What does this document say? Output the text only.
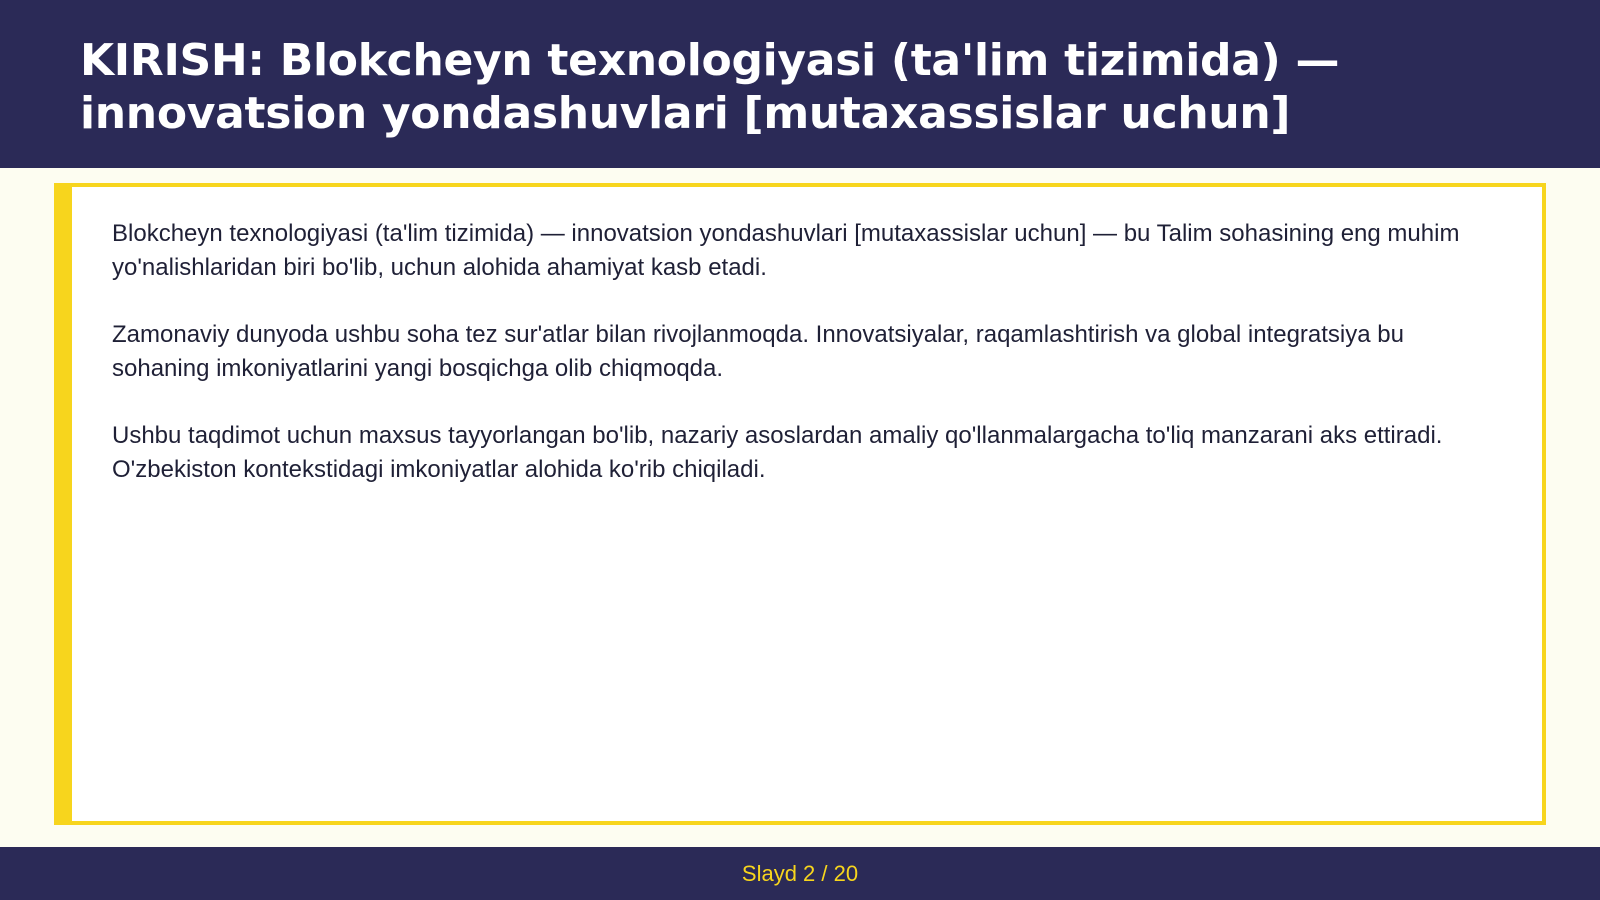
KIRISH: Blokcheyn texnologiyasi (ta'lim tizimida) — innovatsion yondashuvlari [mutaxassislar uchun]

Blokcheyn texnologiyasi (ta'lim tizimida) — innovatsion yondashuvlari [mutaxassislar uchun] — bu Talim sohasining eng muhim yo'nalishlaridan biri bo'lib, uchun alohida ahamiyat kasb etadi.

Zamonaviy dunyoda ushbu soha tez sur'atlar bilan rivojlanmoqda. Innovatsiyalar, raqamlashtirish va global integratsiya bu sohaning imkoniyatlarini yangi bosqichga olib chiqmoqda.

Ushbu taqdimot uchun maxsus tayyorlangan bo'lib, nazariy asoslardan amaliy qo'llanmalargacha to'liq manzarani aks ettiradi. O'zbekiston kontekstidagi imkoniyatlar alohida ko'rib chiqiladi.

Slayd 2 / 20
